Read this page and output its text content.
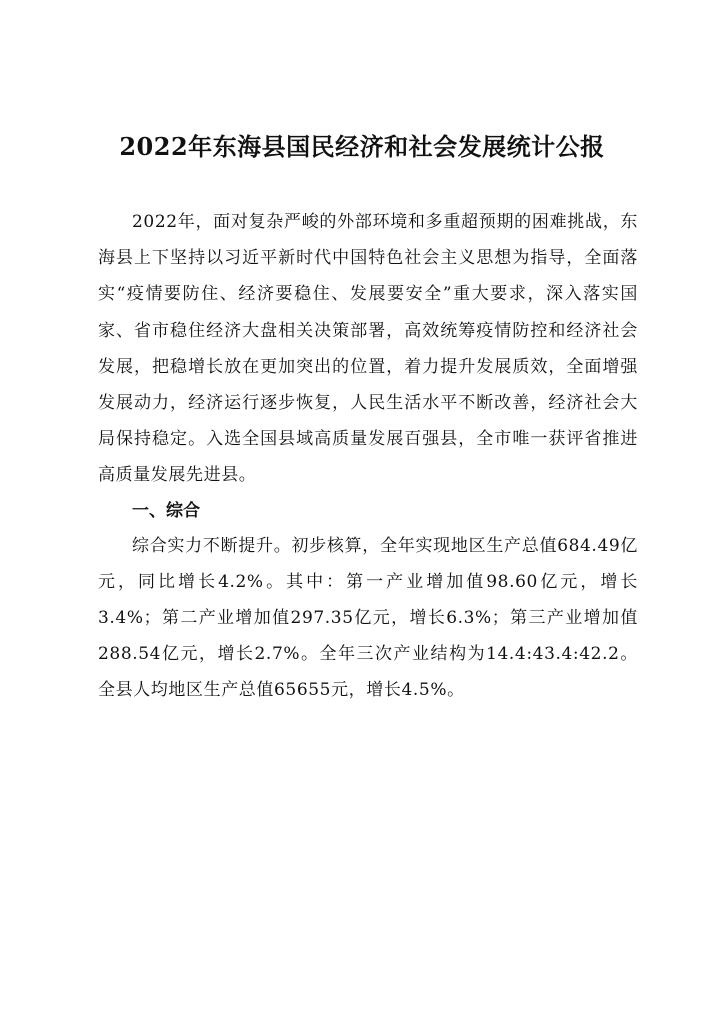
2022年东海县国民经济和社会发展统计公报

2022年，面对复杂严峻的外部环境和多重超预期的困难挑战，东海县上下坚持以习近平新时代中国特色社会主义思想为指导，全面落实“疫情要防住、经济要稳住、发展要安全”重大要求，深入落实国家、省市稳住经济大盘相关决策部署，高效统筹疫情防控和经济社会发展，把稳增长放在更加突出的位置，着力提升发展质效，全面增强发展动力，经济运行逐步恢复，人民生活水平不断改善，经济社会大局保持稳定。入选全国县域高质量发展百强县，全市唯一获评省推进高质量发展先进县。

一、综合

综合实力不断提升。初步核算，全年实现地区生产总值684.49亿元，同比增长4.2%。其中：第一产业增加值98.60亿元，增长3.4%；第二产业增加值297.35亿元，增长6.3%；第三产业增加值288.54亿元，增长2.7%。全年三次产业结构为14.4:43.4:42.2。全县人均地区生产总值65655元，增长4.5%。
